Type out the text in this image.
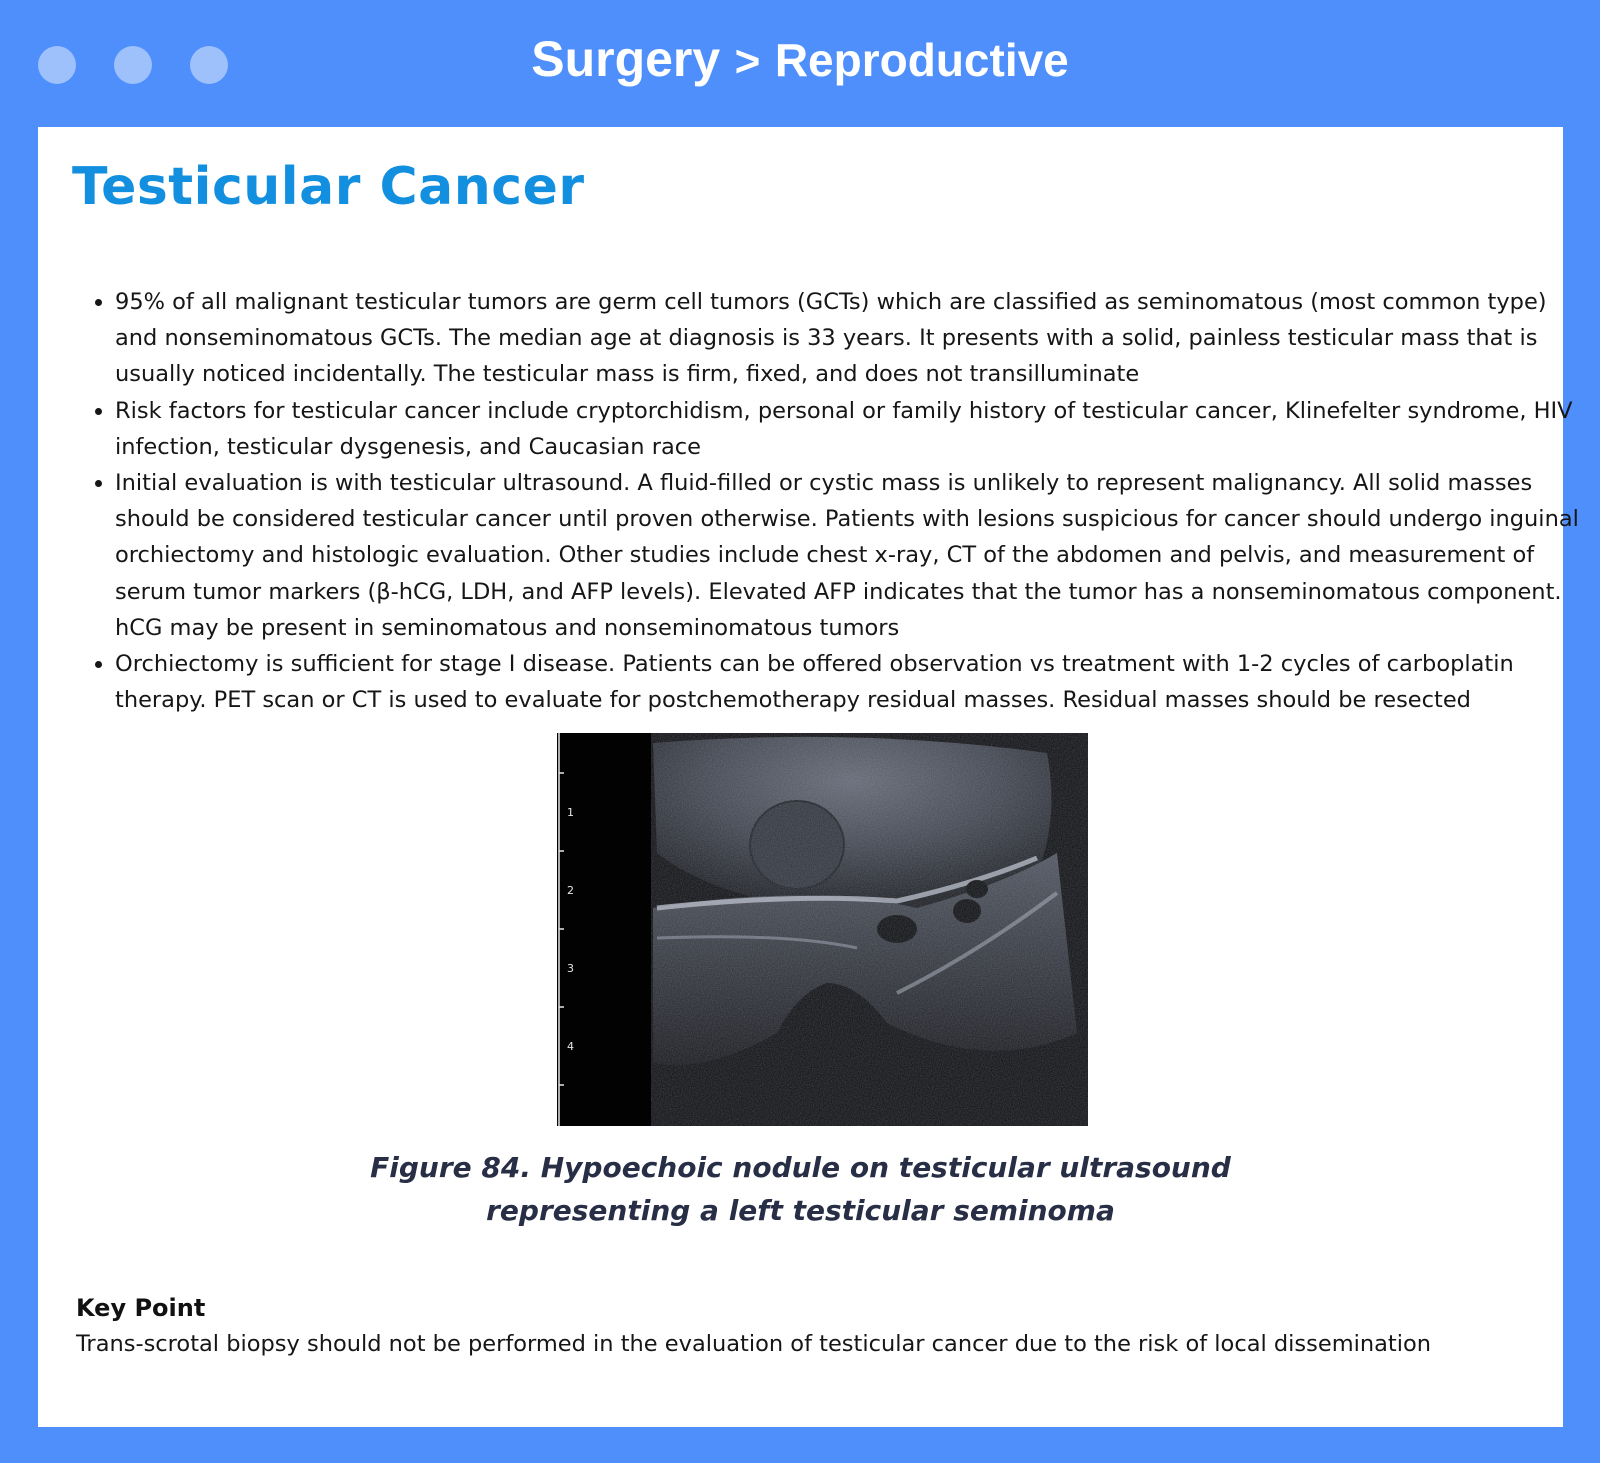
Surgery > Reproductive
Testicular Cancer
• 95% of all malignant testicular tumors are germ cell tumors (GCTs) which are classified as seminomatous (most common type) and nonseminomatous GCTs. The median age at diagnosis is 33 years. It presents with a solid, painless testicular mass that is usually noticed incidentally. The testicular mass is firm, fixed, and does not transilluminate
• Risk factors for testicular cancer include cryptorchidism, personal or family history of testicular cancer, Klinefelter syndrome, HIV infection, testicular dysgenesis, and Caucasian race
• Initial evaluation is with testicular ultrasound. A fluid-filled or cystic mass is unlikely to represent malignancy. All solid masses should be considered testicular cancer until proven otherwise. Patients with lesions suspicious for cancer should undergo inguinal orchiectomy and histologic evaluation. Other studies include chest x-ray, CT of the abdomen and pelvis, and measurement of serum tumor markers (β-hCG, LDH, and AFP levels). Elevated AFP indicates that the tumor has a nonseminomatous component. hCG may be present in seminomatous and nonseminomatous tumors
• Orchiectomy is sufficient for stage I disease. Patients can be offered observation vs treatment with 1-2 cycles of carboplatin therapy. PET scan or CT is used to evaluate for postchemotherapy residual masses. Residual masses should be resected
1
2
3
4
Figure 84. Hypoechoic nodule on testicular ultrasound
representing a left testicular seminoma
Key Point
Trans-scrotal biopsy should not be performed in the evaluation of testicular cancer due to the risk of local dissemination
